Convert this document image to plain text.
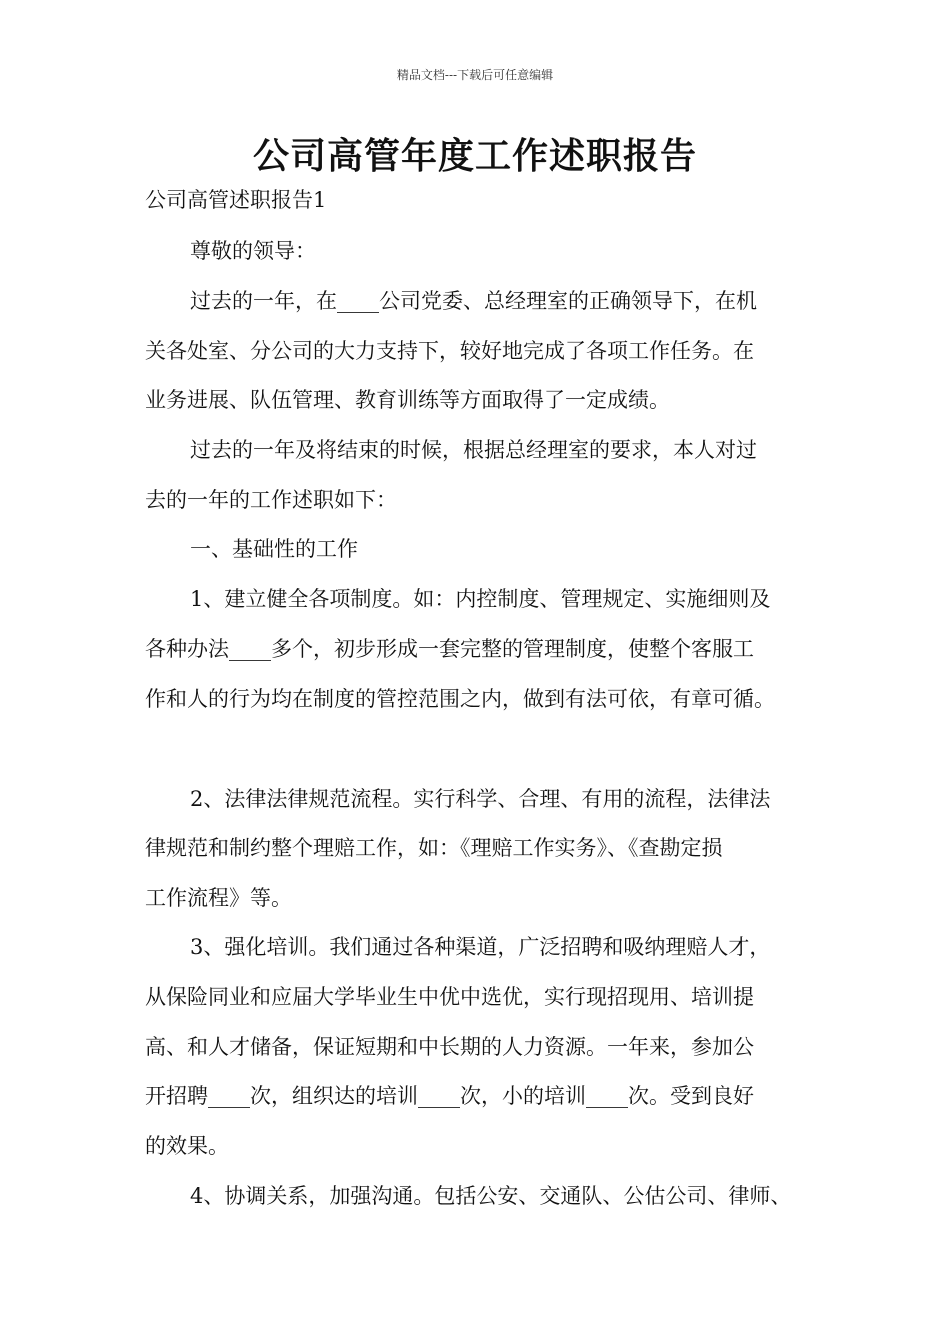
精品文档---下载后可任意编辑
公司高管年度工作述职报告
公司高管述职报告1
尊敬的领导：
过去的一年，在____公司党委、总经理室的正确领导下，在机
关各处室、分公司的大力支持下，较好地完成了各项工作任务。在
业务进展、队伍管理、教育训练等方面取得了一定成绩。
过去的一年及将结束的时候，根据总经理室的要求，本人对过
去的一年的工作述职如下：
一、基础性的工作
1、建立健全各项制度。如：内控制度、管理规定、实施细则及
各种办法____多个，初步形成一套完整的管理制度，使整个客服工
作和人的行为均在制度的管控范围之内，做到有法可依，有章可循。
2、法律法律规范流程。实行科学、合理、有用的流程，法律法
律规范和制约整个理赔工作，如：《理赔工作实务》、《查勘定损
工作流程》等。
3、强化培训。我们通过各种渠道，广泛招聘和吸纳理赔人才，
从保险同业和应届大学毕业生中优中选优，实行现招现用、培训提
高、和人才储备，保证短期和中长期的人力资源。一年来，参加公
开招聘____次，组织达的培训____次，小的培训____次。受到良好
的效果。
4、协调关系，加强沟通。包括公安、交通队、公估公司、律师、
